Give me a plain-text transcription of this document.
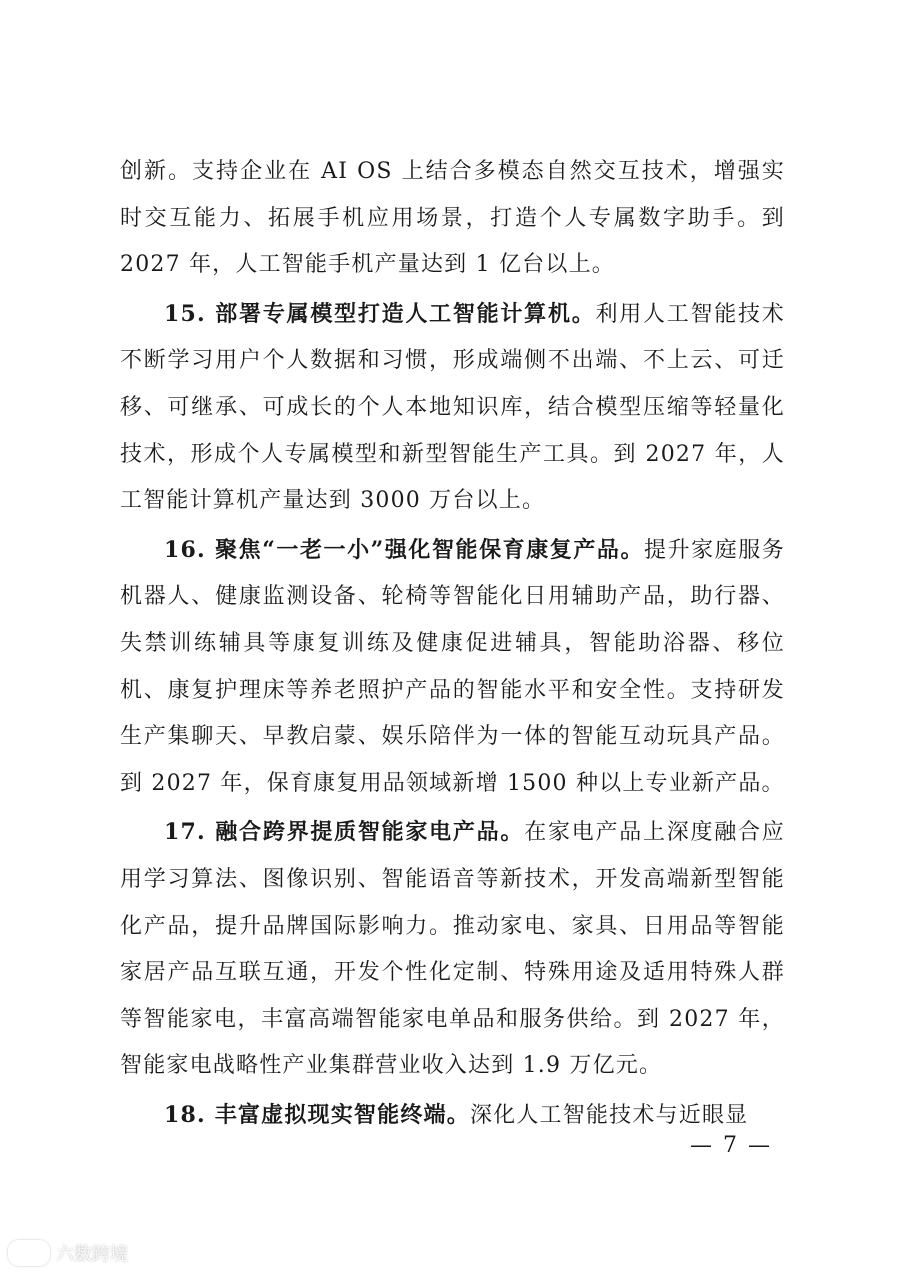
创新。支持企业在 AI OS 上结合多模态自然交互技术，增强实时交互能力、拓展手机应用场景，打造个人专属数字助手。到 2027 年，人工智能手机产量达到 1 亿台以上。

15. 部署专属模型打造人工智能计算机。利用人工智能技术不断学习用户个人数据和习惯，形成端侧不出端、不上云、可迁移、可继承、可成长的个人本地知识库，结合模型压缩等轻量化技术，形成个人专属模型和新型智能生产工具。到 2027 年，人工智能计算机产量达到 3000 万台以上。

16. 聚焦“一老一小”强化智能保育康复产品。提升家庭服务机器人、健康监测设备、轮椅等智能化日用辅助产品，助行器、失禁训练辅具等康复训练及健康促进辅具，智能助浴器、移位机、康复护理床等养老照护产品的智能水平和安全性。支持研发生产集聊天、早教启蒙、娱乐陪伴为一体的智能互动玩具产品。到 2027 年，保育康复用品领域新增 1500 种以上专业新产品。

17. 融合跨界提质智能家电产品。在家电产品上深度融合应用学习算法、图像识别、智能语音等新技术，开发高端新型智能化产品，提升品牌国际影响力。推动家电、家具、日用品等智能家居产品互联互通，开发个性化定制、特殊用途及适用特殊人群等智能家电，丰富高端智能家电单品和服务供给。到 2027 年，智能家电战略性产业集群营业收入达到 1.9 万亿元。

18. 丰富虚拟现实智能终端。深化人工智能技术与近眼显

— 7 —
六数跨境
